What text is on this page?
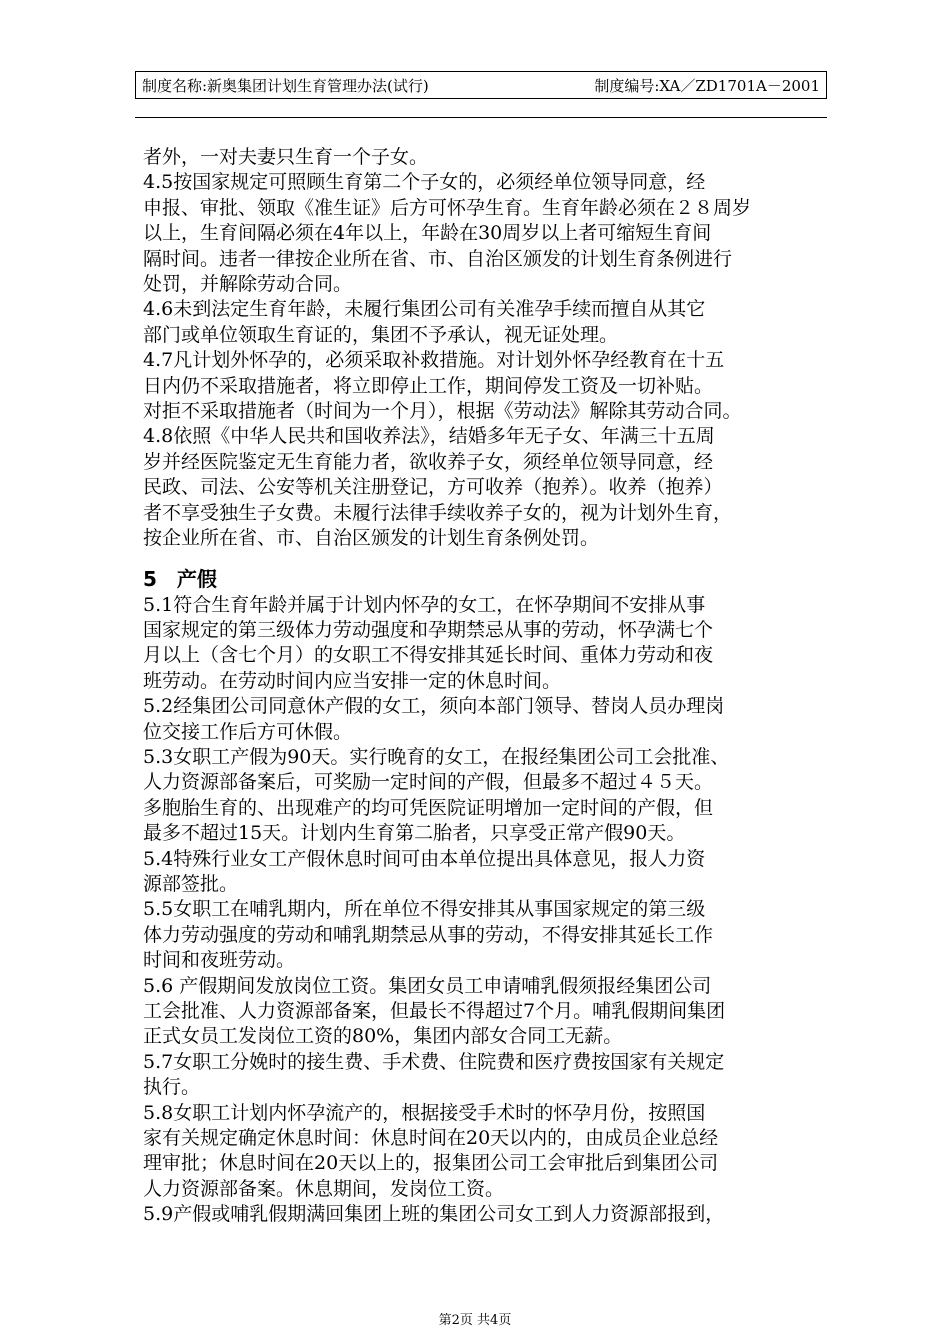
制度名称:新奥集团计划生育管理办法(试行)	制度编号:XA／ZD1701A－2001
者外，一对夫妻只生育一个子女。
4.5按国家规定可照顾生育第二个子女的，必须经单位领导同意，经
申报、审批、领取《准生证》后方可怀孕生育。生育年龄必须在２８周岁
以上，生育间隔必须在4年以上，年龄在30周岁以上者可缩短生育间
隔时间。违者一律按企业所在省、市、自治区颁发的计划生育条例进行
处罚，并解除劳动合同。
4.6未到法定生育年龄，未履行集团公司有关准孕手续而擅自从其它
部门或单位领取生育证的，集团不予承认，视无证处理。
4.7凡计划外怀孕的，必须采取补救措施。对计划外怀孕经教育在十五
日内仍不采取措施者，将立即停止工作，期间停发工资及一切补贴。
对拒不采取措施者（时间为一个月），根据《劳动法》解除其劳动合同。
4.8依照《中华人民共和国收养法》，结婚多年无子女、年满三十五周
岁并经医院鉴定无生育能力者，欲收养子女，须经单位领导同意，经
民政、司法、公安等机关注册登记，方可收养（抱养）。收养（抱养）
者不享受独生子女费。未履行法律手续收养子女的，视为计划外生育，
按企业所在省、市、自治区颁发的计划生育条例处罚。
5　产假
5.1符合生育年龄并属于计划内怀孕的女工，在怀孕期间不安排从事
国家规定的第三级体力劳动强度和孕期禁忌从事的劳动，怀孕满七个
月以上（含七个月）的女职工不得安排其延长时间、重体力劳动和夜
班劳动。在劳动时间内应当安排一定的休息时间。
5.2经集团公司同意休产假的女工，须向本部门领导、替岗人员办理岗
位交接工作后方可休假。
5.3女职工产假为90天。实行晚育的女工，在报经集团公司工会批准、
人力资源部备案后，可奖励一定时间的产假，但最多不超过４５天。
多胞胎生育的、出现难产的均可凭医院证明增加一定时间的产假，但
最多不超过15天。计划内生育第二胎者，只享受正常产假90天。
5.4特殊行业女工产假休息时间可由本单位提出具体意见，报人力资
源部签批。
5.5女职工在哺乳期内，所在单位不得安排其从事国家规定的第三级
体力劳动强度的劳动和哺乳期禁忌从事的劳动，不得安排其延长工作
时间和夜班劳动。
5.6 产假期间发放岗位工资。集团女员工申请哺乳假须报经集团公司
工会批准、人力资源部备案，但最长不得超过7个月。哺乳假期间集团
正式女员工发岗位工资的80%，集团内部女合同工无薪。
5.7女职工分娩时的接生费、手术费、住院费和医疗费按国家有关规定
执行。
5.8女职工计划内怀孕流产的，根据接受手术时的怀孕月份，按照国
家有关规定确定休息时间：休息时间在20天以内的，由成员企业总经
理审批；休息时间在20天以上的，报集团公司工会审批后到集团公司
人力资源部备案。休息期间，发岗位工资。
5.9产假或哺乳假期满回集团上班的集团公司女工到人力资源部报到，
第2页 共4页
